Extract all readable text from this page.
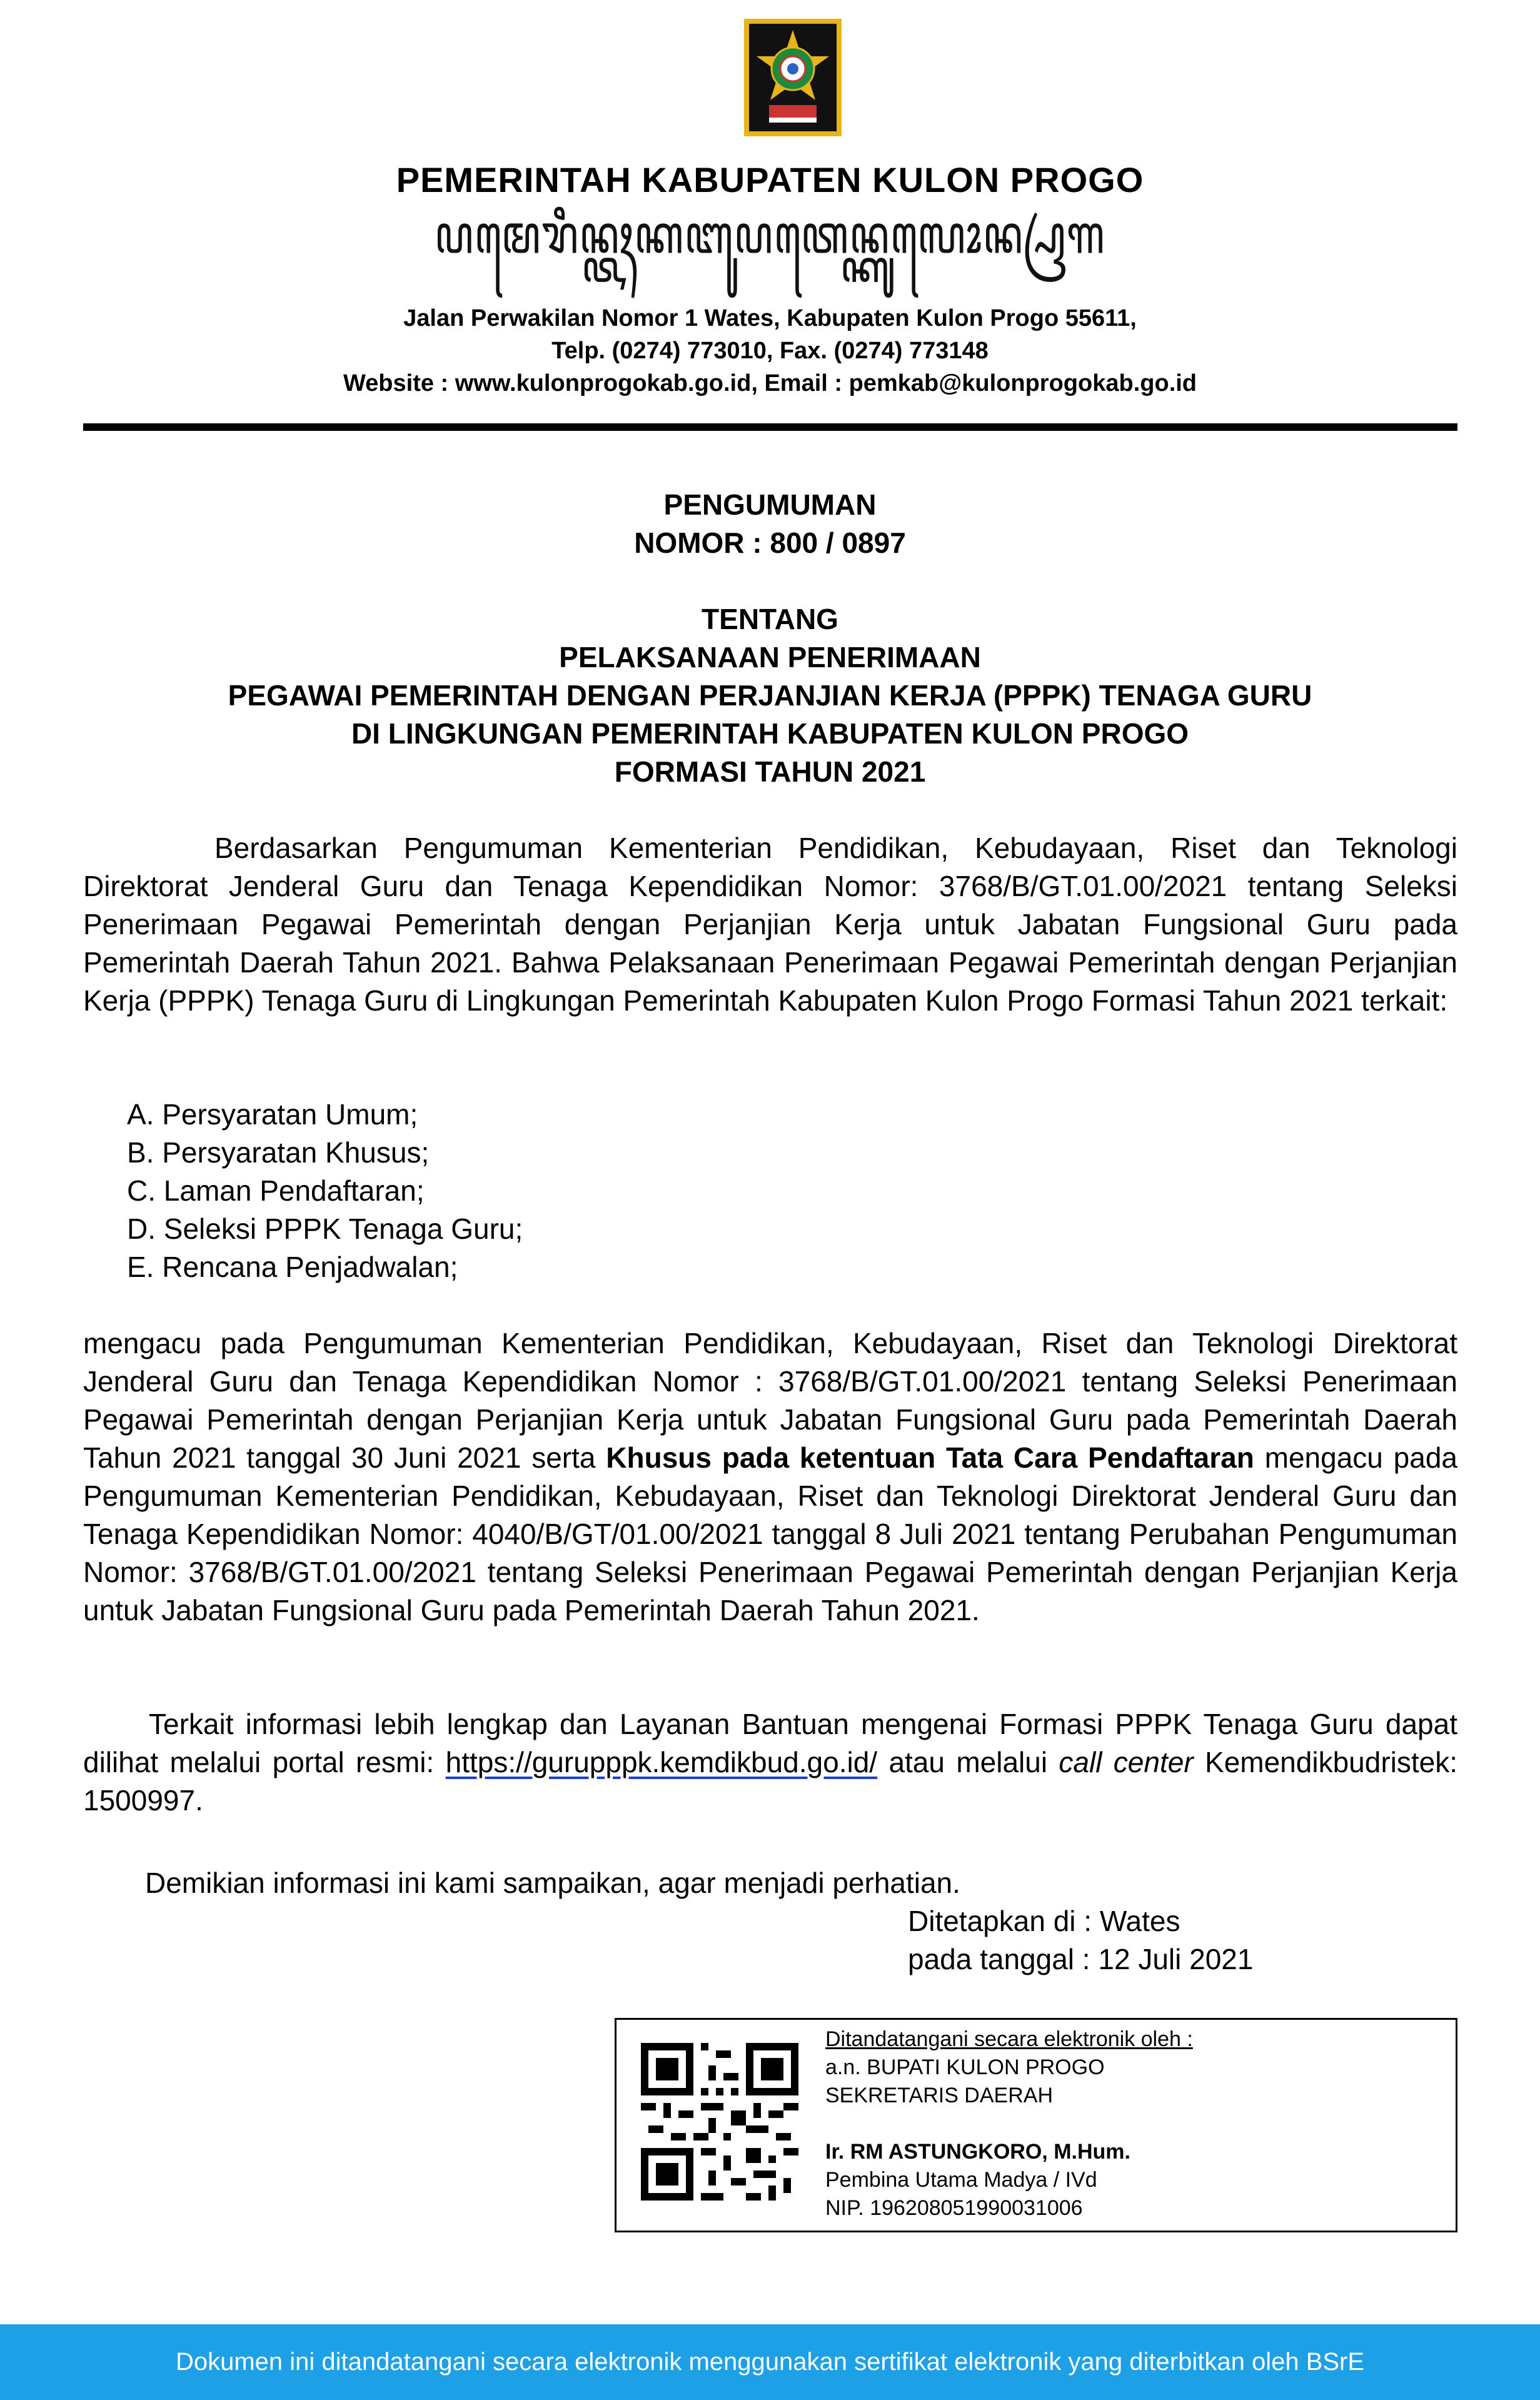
PEMERINTAH KABUPATEN KULON PROGO
ꦥꦩꦺꦫꦶꦤ꧀ꦠꦃꦏꦧꦸꦥꦠꦺꦤ꧀ꦏꦸꦭꦺꦴꦤ꧀ꦥꦿꦒ
Jalan Perwakilan Nomor 1 Wates, Kabupaten Kulon Progo 55611,
Telp. (0274) 773010, Fax. (0274) 773148
Website : www.kulonprogokab.go.id, Email : pemkab@kulonprogokab.go.id
PENGUMUMAN
NOMOR : 800 / 0897
TENTANG
PELAKSANAAN PENERIMAAN
PEGAWAI PEMERINTAH DENGAN PERJANJIAN KERJA (PPPK) TENAGA GURU
DI LINGKUNGAN PEMERINTAH KABUPATEN KULON PROGO
FORMASI TAHUN 2021

Berdasarkan Pengumuman Kementerian Pendidikan, Kebudayaan, Riset dan Teknologi Direktorat Jenderal Guru dan Tenaga Kependidikan Nomor: 3768/B/GT.01.00/2021 tentang Seleksi Penerimaan Pegawai Pemerintah dengan Perjanjian Kerja untuk Jabatan Fungsional Guru pada Pemerintah Daerah Tahun 2021. Bahwa Pelaksanaan Penerimaan Pegawai Pemerintah dengan Perjanjian Kerja (PPPK) Tenaga Guru di Lingkungan Pemerintah Kabupaten Kulon Progo Formasi Tahun 2021 terkait:

A. Persyaratan Umum;
B. Persyaratan Khusus;
C. Laman Pendaftaran;
D. Seleksi PPPK Tenaga Guru;
E. Rencana Penjadwalan;

mengacu pada Pengumuman Kementerian Pendidikan, Kebudayaan, Riset dan Teknologi Direktorat Jenderal Guru dan Tenaga Kependidikan Nomor : 3768/B/GT.01.00/2021 tentang Seleksi Penerimaan Pegawai Pemerintah dengan Perjanjian Kerja untuk Jabatan Fungsional Guru pada Pemerintah Daerah Tahun 2021 tanggal 30 Juni 2021 serta Khusus pada ketentuan Tata Cara Pendaftaran mengacu pada Pengumuman Kementerian Pendidikan, Kebudayaan, Riset dan Teknologi Direktorat Jenderal Guru dan Tenaga Kependidikan Nomor: 4040/B/GT/01.00/2021 tanggal 8 Juli 2021 tentang Perubahan Pengumuman Nomor: 3768/B/GT.01.00/2021 tentang Seleksi Penerimaan Pegawai Pemerintah dengan Perjanjian Kerja untuk Jabatan Fungsional Guru pada Pemerintah Daerah Tahun 2021.

Terkait informasi lebih lengkap dan Layanan Bantuan mengenai Formasi PPPK Tenaga Guru dapat dilihat melalui portal resmi: https://gurupppk.kemdikbud.go.id/ atau melalui call center Kemendikbudristek: 1500997.

Demikian informasi ini kami sampaikan, agar menjadi perhatian.
Ditetapkan di : Wates
pada tanggal : 12 Juli 2021
Ditandatangani secara elektronik oleh :
a.n. BUPATI KULON PROGO
SEKRETARIS DAERAH
Ir. RM ASTUNGKORO, M.Hum.
Pembina Utama Madya / IVd
NIP. 196208051990031006
Dokumen ini ditandatangani secara elektronik menggunakan sertifikat elektronik yang diterbitkan oleh BSrE
